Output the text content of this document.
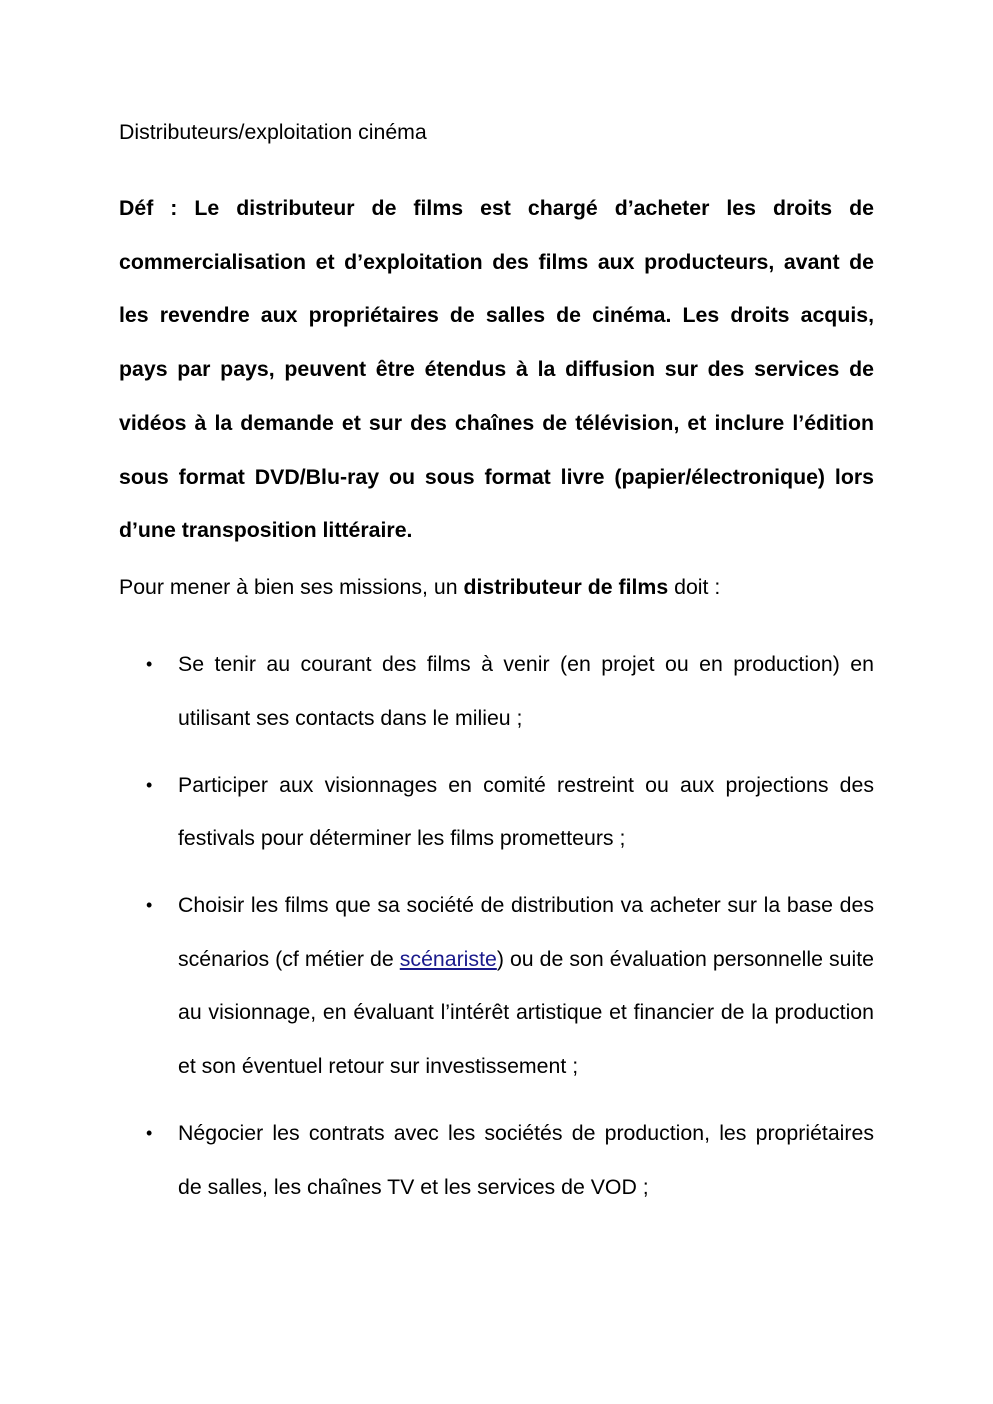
Distributeurs/exploitation cinéma
Déf : Le distributeur de films est chargé d’acheter les droits de commercialisation et d’exploitation des films aux producteurs, avant de les revendre aux propriétaires de salles de cinéma. Les droits acquis, pays par pays, peuvent être étendus à la diffusion sur des services de vidéos à la demande et sur des chaînes de télévision, et inclure l’édition sous format DVD/Blu-ray ou sous format livre (papier/électronique) lors d’une transposition littéraire.
Pour mener à bien ses missions, un distributeur de films doit :
• Se tenir au courant des films à venir (en projet ou en production) en utilisant ses contacts dans le milieu ;
• Participer aux visionnages en comité restreint ou aux projections des festivals pour déterminer les films prometteurs ;
• Choisir les films que sa société de distribution va acheter sur la base des scénarios (cf métier de scénariste) ou de son évaluation personnelle suite au visionnage, en évaluant l’intérêt artistique et financier de la production et son éventuel retour sur investissement ;
• Négocier les contrats avec les sociétés de production, les propriétaires de salles, les chaînes TV et les services de VOD ;
